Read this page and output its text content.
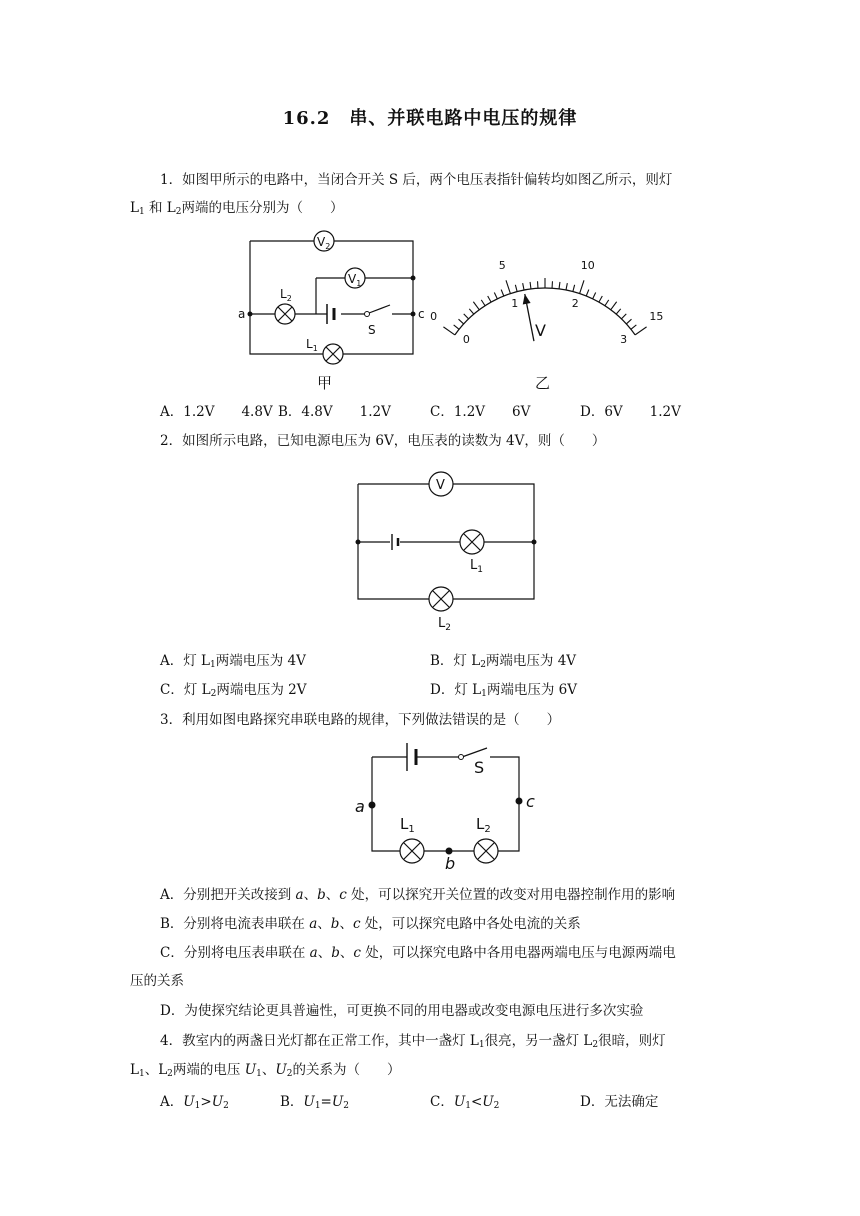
16.2　串、并联电路中电压的规律
1．如图甲所示的电路中，当闭合开关 S 后，两个电压表指针偏转均如图乙所示，则灯
$L_1$ 和 $L_2$两端的电压分别为（　　）
$V_2$
$V_1$
$L_2$
$L_1$
a	c
S
甲
0
5	10
15
0
1	2
3
V
乙
A．1.2V　　4.8V B．4.8V　　1.2V	C．1.2V　　6V	D．6V　　1.2V
2．如图所示电路，已知电源电压为 6V，电压表的读数为 4V，则（　　）
V
$L_1$
$L_2$
A．灯 $L_1$两端电压为 4V	B．灯 $L_2$两端电压为 4V
C．灯 $L_2$两端电压为 2V	D．灯 $L_1$两端电压为 6V
3．利用如图电路探究串联电路的规律，下列做法错误的是（　　）
S
a	c
b
$L_1$	$L_2$
A．分别把开关改接到 a、b、c 处，可以探究开关位置的改变对用电器控制作用的影响
B．分别将电流表串联在 a、b、c 处，可以探究电路中各处电流的关系
C．分别将电压表串联在 a、b、c 处，可以探究电路中各用电器两端电压与电源两端电
压的关系
D．为使探究结论更具普遍性，可更换不同的用电器或改变电源电压进行多次实验
4．教室内的两盏日光灯都在正常工作，其中一盏灯 $L_1$很亮，另一盏灯 $L_2$很暗，则灯
$L_1$、$L_2$两端的电压 $U_1$、$U_2$的关系为（　　）
A．$U_1>U_2$	B．$U_1=U_2$	C．$U_1<U_2$	D．无法确定
